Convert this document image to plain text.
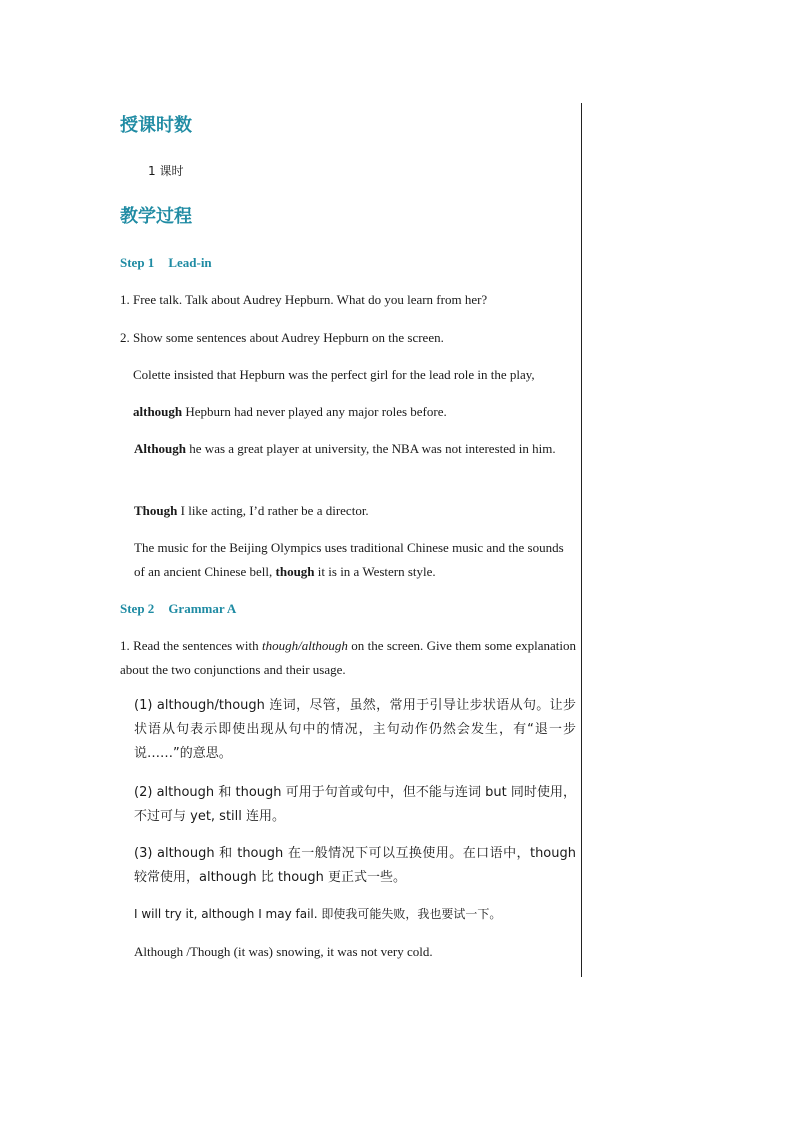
授课时数
1 课时
教学过程
Step 1 Lead-in
1. Free talk. Talk about Audrey Hepburn. What do you learn from her?
2. Show some sentences about Audrey Hepburn on the screen.
Colette insisted that Hepburn was the perfect girl for the lead role in the play,
although Hepburn had never played any major roles before.
Although he was a great player at university, the NBA was not interested in him.
Though I like acting, I’d rather be a director.
The music for the Beijing Olympics uses traditional Chinese music and the sounds of an ancient Chinese bell, though it is in a Western style.
Step 2 Grammar A
1. Read the sentences with though/although on the screen. Give them some explanation about the two conjunctions and their usage.
(1) although/though 连词，尽管，虽然，常用于引导让步状语从句。让步状语从句表示即使出现从句中的情况，主句动作仍然会发生，有“退一步说……”的意思。
(2) although 和 though 可用于句首或句中，但不能与连词 but 同时使用，不过可与 yet, still 连用。
(3) although 和 though 在一般情况下可以互换使用。在口语中，though 较常使用，although 比 though 更正式一些。
I will try it, although I may fail. 即使我可能失败，我也要试一下。
Although /Though (it was) snowing, it was not very cold.
